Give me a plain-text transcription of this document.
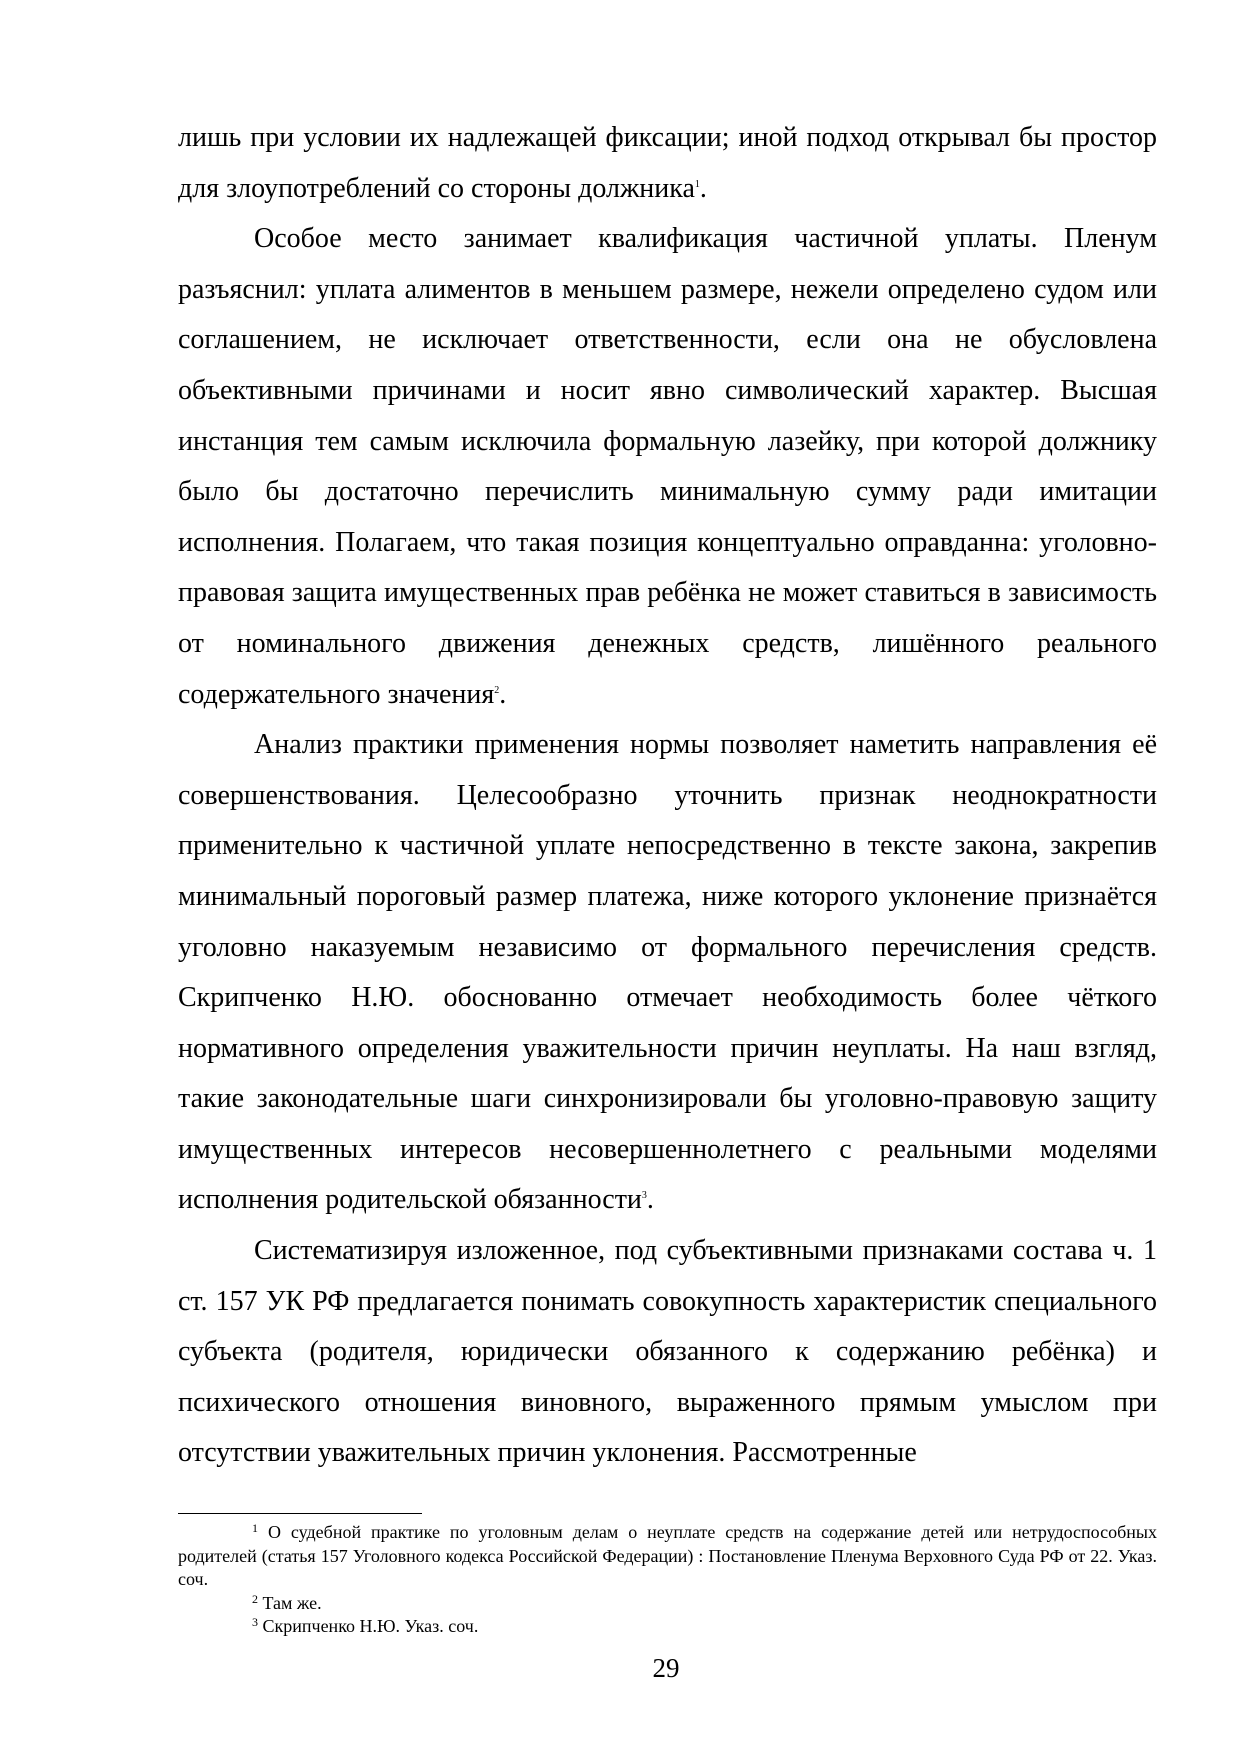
лишь при условии их надлежащей фиксации; иной подход открывал бы простор для злоупотреблений со стороны должника$^1$.

Особое место занимает квалификация частичной уплаты. Пленум разъяснил: уплата алиментов в меньшем размере, нежели определено судом или соглашением, не исключает ответственности, если она не обусловлена объективными причинами и носит явно символический характер. Высшая инстанция тем самым исключила формальную лазейку, при которой должнику было бы достаточно перечислить минимальную сумму ради имитации исполнения. Полагаем, что такая позиция концептуально оправданна: уголовно-правовая защита имущественных прав ребёнка не может ставиться в зависимость от номинального движения денежных средств, лишённого реального содержательного значения$^2$.

Анализ практики применения нормы позволяет наметить направления её совершенствования. Целесообразно уточнить признак неоднократности применительно к частичной уплате непосредственно в тексте закона, закрепив минимальный пороговый размер платежа, ниже которого уклонение признаётся уголовно наказуемым независимо от формального перечисления средств. Скрипченко Н.Ю. обоснованно отмечает необходимость более чёткого нормативного определения уважительности причин неуплаты. На наш взгляд, такие законодательные шаги синхронизировали бы уголовно-правовую защиту имущественных интересов несовершеннолетнего с реальными моделями исполнения родительской обязанности$^3$.

Систематизируя изложенное, под субъективными признаками состава ч. 1 ст. 157 УК РФ предлагается понимать совокупность характеристик специального субъекта (родителя, юридически обязанного к содержанию ребёнка) и психического отношения виновного, выраженного прямым умыслом при отсутствии уважительных причин уклонения. Рассмотренные

$^1$ О судебной практике по уголовным делам о неуплате средств на содержание детей или нетрудоспособных родителей (статья 157 Уголовного кодекса Российской Федерации) : Постановление Пленума Верховного Суда РФ от 22. Указ. соч.

$^2$ Там же.

$^3$ Скрипченко Н.Ю. Указ. соч.

29
